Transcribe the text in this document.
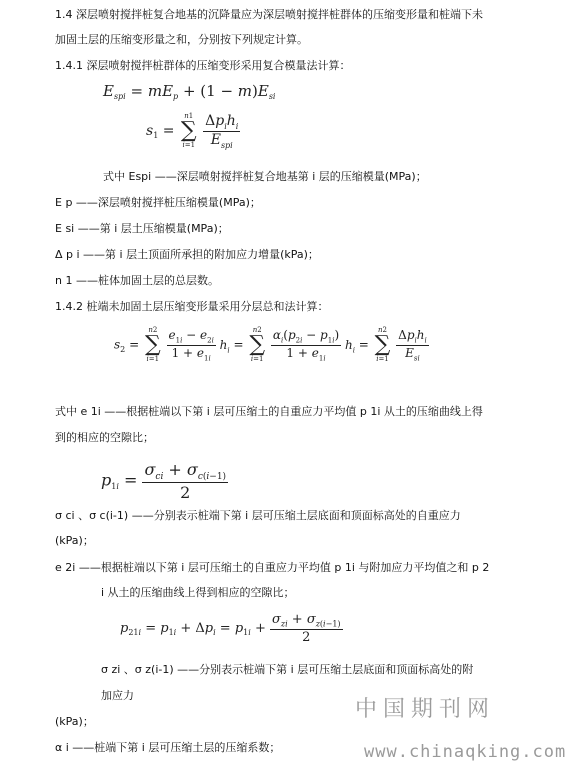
1.4 深层喷射搅拌桩复合地基的沉降量应为深层喷射搅拌桩群体的压缩变形量和桩端下未
加固土层的压缩变形量之和，分别按下列规定计算。
1.4.1 深层喷射搅拌桩群体的压缩变形采用复合模量法计算：
$E_{spi} = mE_p + (1 - m)E_{si}$
$s_1$ =
n1
∑
i=1
$\frac{\Delta p_ih_i}{E_{spi}}$
式中 Espi ——深层喷射搅拌桩复合地基第 i 层的压缩模量(MPa)；
E p ——深层喷射搅拌桩压缩模量(MPa)；
E si ——第 i 层土压缩模量(MPa)；
Δ p i ——第 i 层土顶面所承担的附加应力增量(kPa)；
n 1 ——桩体加固土层的总层数。
1.4.2 桩端未加固土层压缩变形量采用分层总和法计算：
$s_2$ =
n2
∑
i=1
$\frac{e_{1i} - e_{2i}}{1 + e_{1i}} h_i$ =
n2
∑
i=1
$\frac{\alpha_i(p_{2i} - p_{1i})}{1 + e_{1i}} h_i$ =
n2
∑
i=1
$\frac{\Delta p_ih_i}{E_{si}}$
式中 e 1i ——根据桩端以下第 i 层可压缩土的自重应力平均值 p 1i 从土的压缩曲线上得
到的相应的空隙比；
$p1i = \frac{\sigma_{ci} + \sigma_{c(i-1)}}{2}$
σ ci 、σ c(i-1) ——分别表示桩端下第 i 层可压缩土层底面和顶面标高处的自重应力
(kPa)；
e 2i ——根据桩端以下第 i 层可压缩土的自重应力平均值 p 1i 与附加应力平均值之和 p 2
i 从土的压缩曲线上得到相应的空隙比；
$p_{21i} = p_{1i} + \Delta p_i = p_{1i} + \frac{\sigma_{zi} + \sigma_{z(i-1)}}{2}$
σ zi 、σ z(i-1) ——分别表示桩端下第 i 层可压缩土层底面和顶面标高处的附
加应力
(kPa)；
α i ——桩端下第 i 层可压缩土层的压缩系数；
中国期刊网
www.chinaqking.com
